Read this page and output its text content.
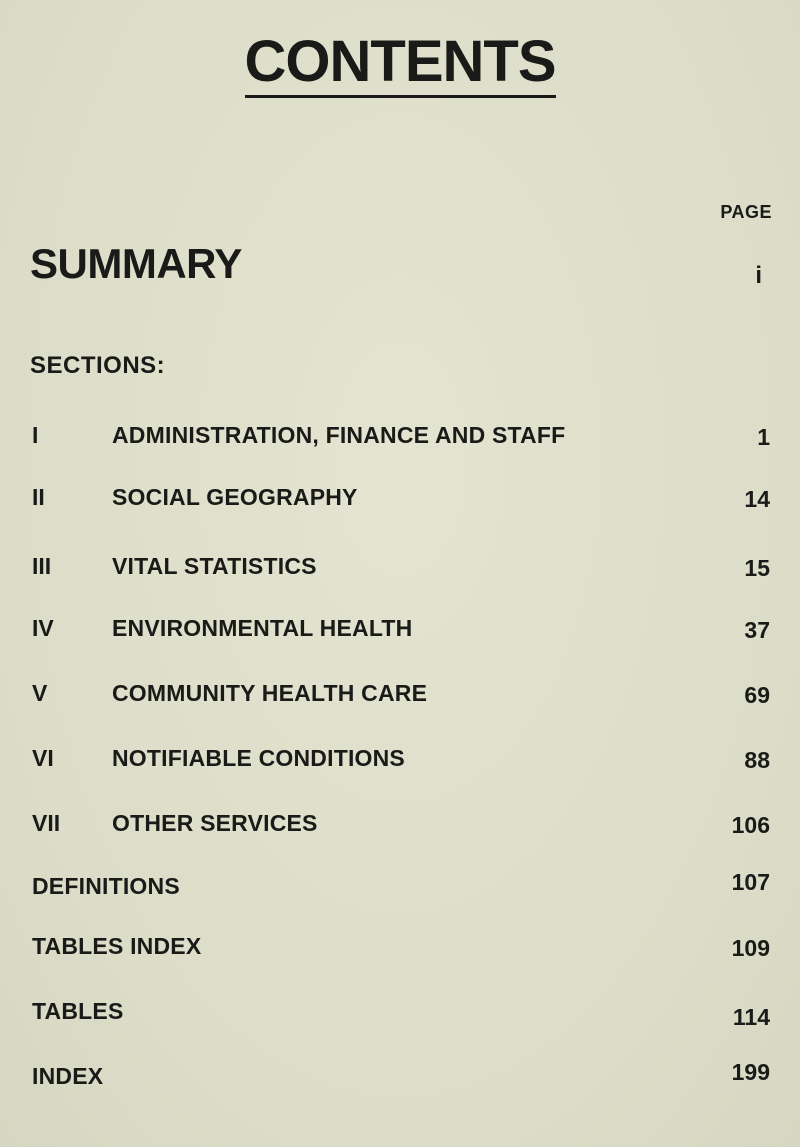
CONTENTS
PAGE
SUMMARY	i
SECTIONS:
I	ADMINISTRATION, FINANCE AND STAFF	1
II	SOCIAL GEOGRAPHY	14
III	VITAL STATISTICS	15
IV	ENVIRONMENTAL HEALTH	37
V	COMMUNITY HEALTH CARE	69
VI	NOTIFIABLE CONDITIONS	88
VII OTHER SERVICES	106
DEFINITIONS	107
TABLES INDEX	109
TABLES	114
INDEX	199
